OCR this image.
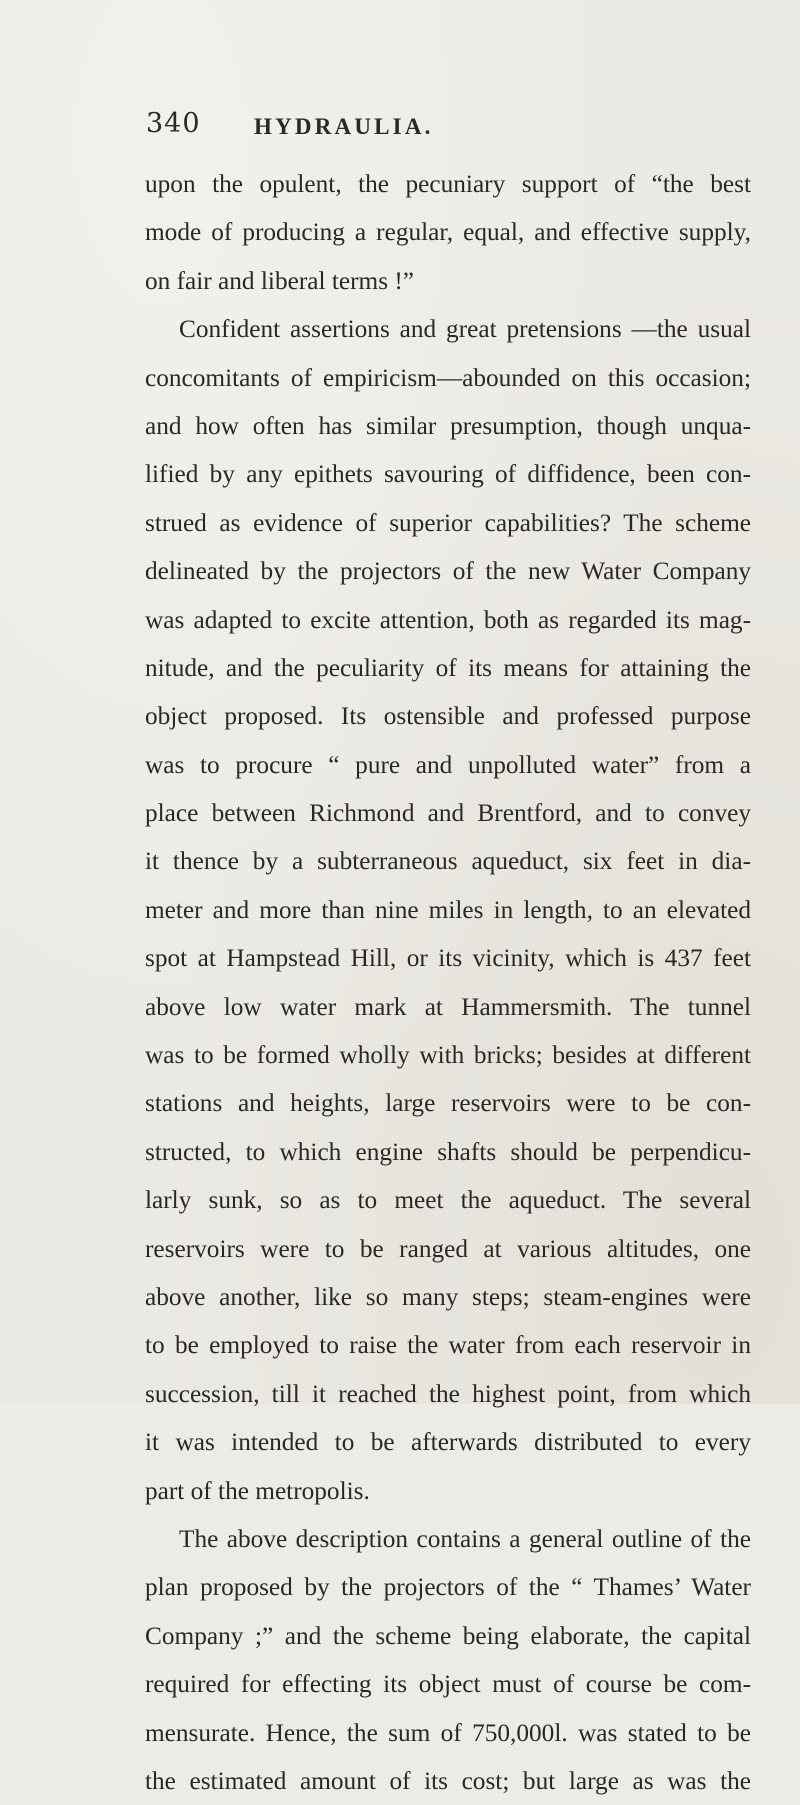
340 HYDRAULIA.
upon the opulent, the pecuniary support of “the best
mode of producing a regular, equal, and effective supply,
on fair and liberal terms !”
Confident assertions and great pretensions —the usual
concomitants of empiricism—abounded on this occasion;
and how often has similar presumption, though unqua-
lified by any epithets savouring of diffidence, been con-
strued as evidence of superior capabilities? The scheme
delineated by the projectors of the new Water Company
was adapted to excite attention, both as regarded its mag-
nitude, and the peculiarity of its means for attaining the
object proposed. Its ostensible and professed purpose
was to procure “ pure and unpolluted water” from a
place between Richmond and Brentford, and to convey
it thence by a subterraneous aqueduct, six feet in dia-
meter and more than nine miles in length, to an elevated
spot at Hampstead Hill, or its vicinity, which is 437 feet
above low water mark at Hammersmith. The tunnel
was to be formed wholly with bricks; besides at different
stations and heights, large reservoirs were to be con-
structed, to which engine shafts should be perpendicu-
larly sunk, so as to meet the aqueduct. The several
reservoirs were to be ranged at various altitudes, one
above another, like so many steps; steam-engines were
to be employed to raise the water from each reservoir in
succession, till it reached the highest point, from which
it was intended to be afterwards distributed to every
part of the metropolis.
The above description contains a general outline of the
plan proposed by the projectors of the “ Thames’ Water
Company ;” and the scheme being elaborate, the capital
required for effecting its object must of course be com-
mensurate. Hence, the sum of 750,000l. was stated to be
the estimated amount of its cost; but large as was the
